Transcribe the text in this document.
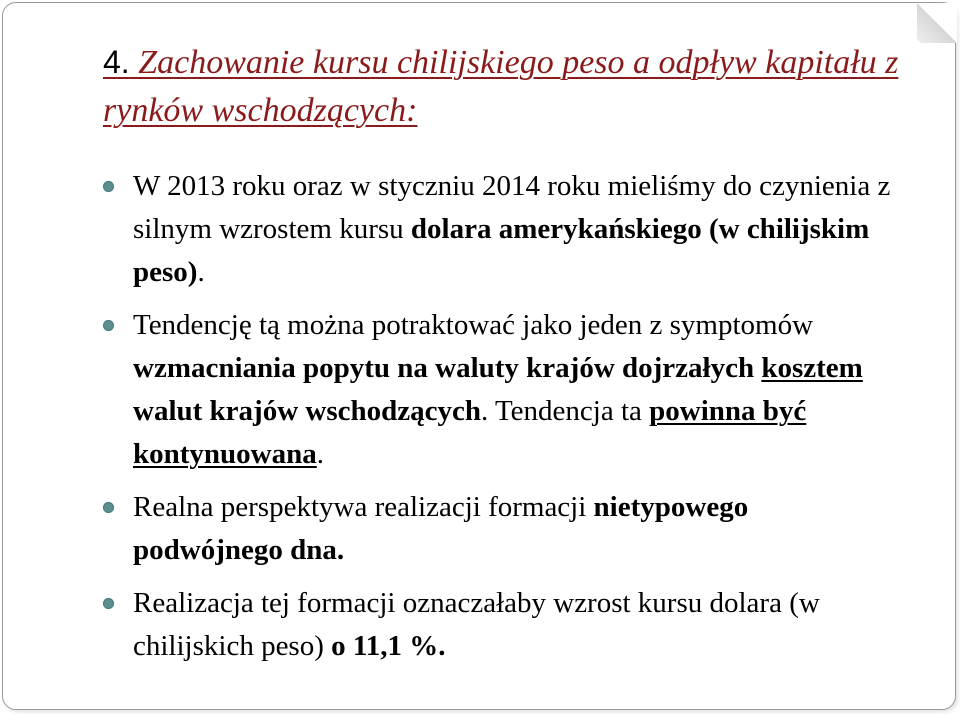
4. Zachowanie kursu chilijskiego peso a odpływ kapitału z rynków wschodzących:
W 2013 roku oraz w styczniu 2014 roku mieliśmy do czynienia z silnym wzrostem kursu dolara amerykańskiego (w chilijskim peso).
Tendencję tą można potraktować jako jeden z symptomów wzmacniania popytu na waluty krajów dojrzałych kosztem walut krajów wschodzących. Tendencja ta powinna być kontynuowana.
Realna perspektywa realizacji formacji nietypowego podwójnego dna.
Realizacja tej formacji oznaczałaby wzrost kursu dolara (w chilijskich peso) o 11,1 %.
